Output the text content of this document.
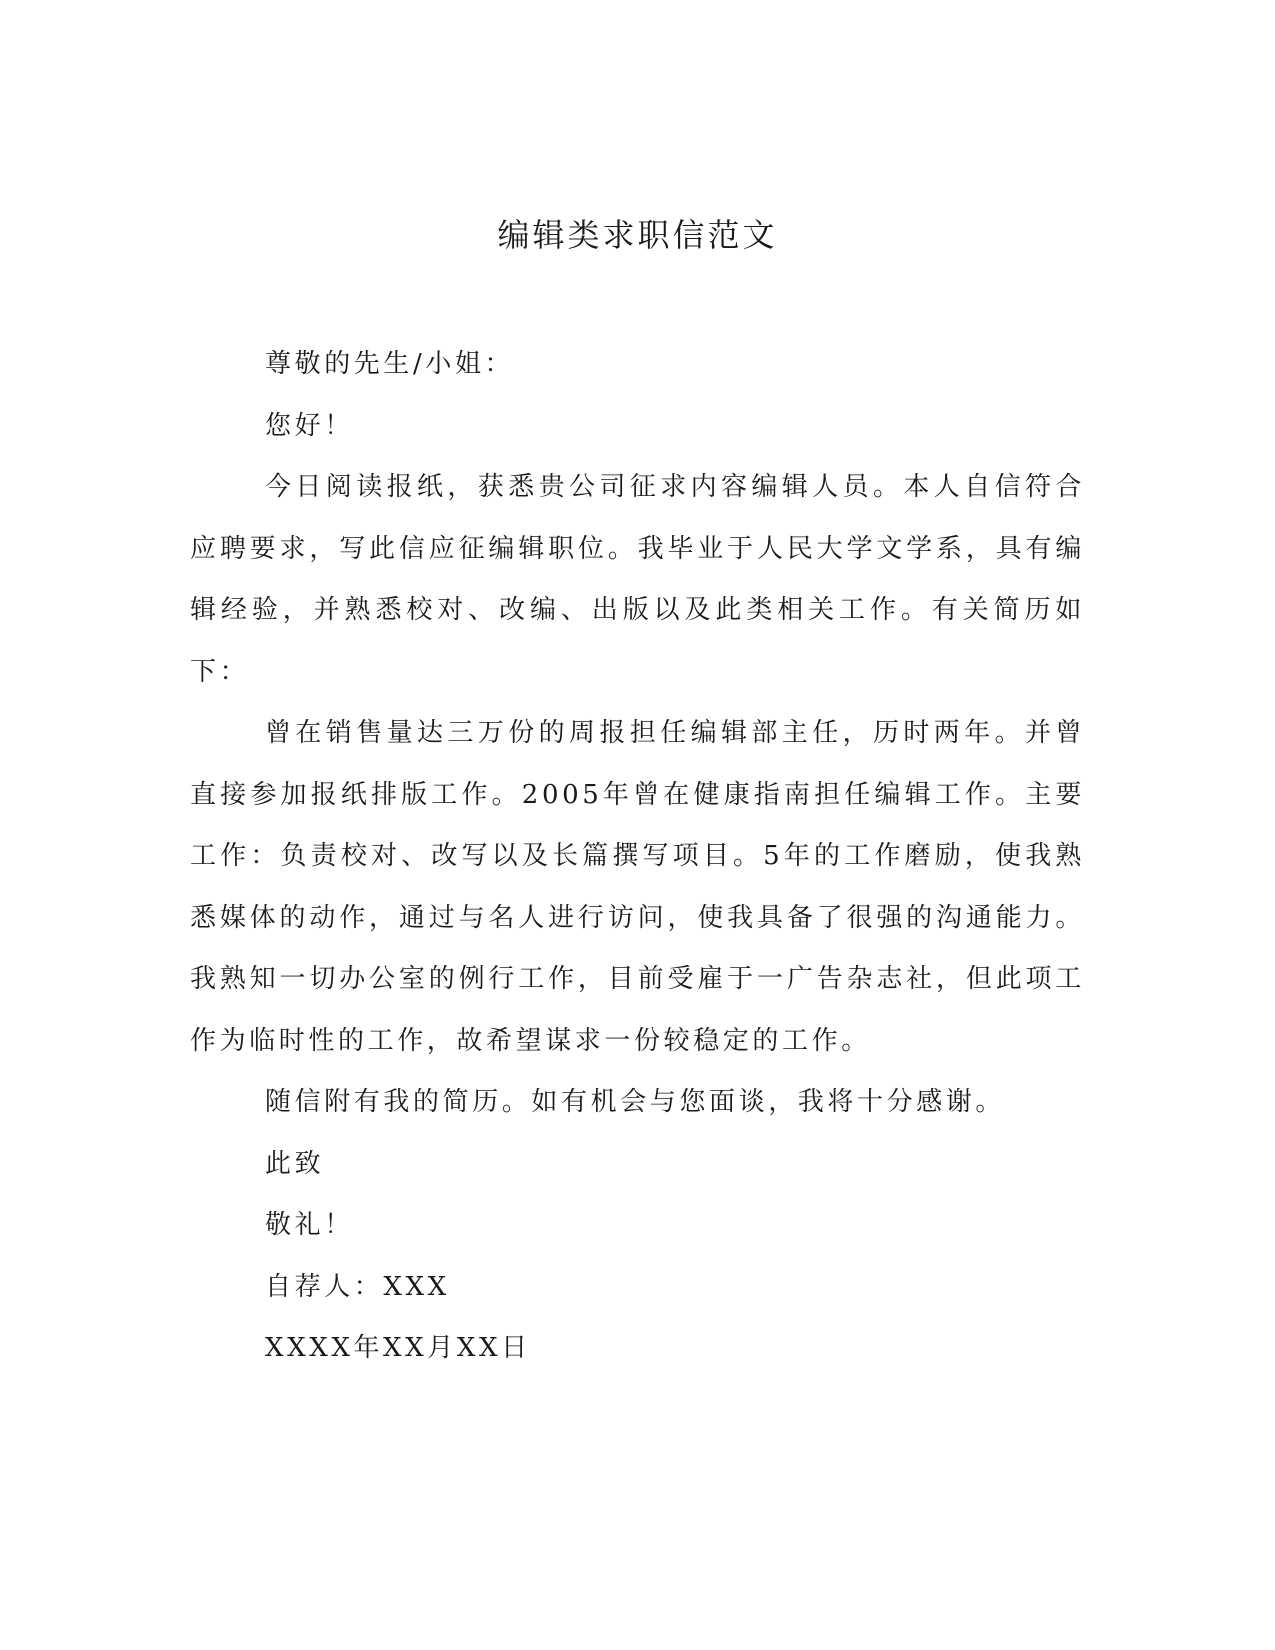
编辑类求职信范文

尊敬的先生/小姐：

您好！

今日阅读报纸，获悉贵公司征求内容编辑人员。本人自信符合应聘要求，写此信应征编辑职位。我毕业于人民大学文学系，具有编辑经验，并熟悉校对、改编、出版以及此类相关工作。有关简历如下：

曾在销售量达三万份的周报担任编辑部主任，历时两年。并曾直接参加报纸排版工作。2005年曾在健康指南担任编辑工作。主要工作：负责校对、改写以及长篇撰写项目。5年的工作磨励，使我熟悉媒体的动作，通过与名人进行访问，使我具备了很强的沟通能力。我熟知一切办公室的例行工作，目前受雇于一广告杂志社，但此项工作为临时性的工作，故希望谋求一份较稳定的工作。

随信附有我的简历。如有机会与您面谈，我将十分感谢。

此致

敬礼！

自荐人：XXX

XXXX年XX月XX日
